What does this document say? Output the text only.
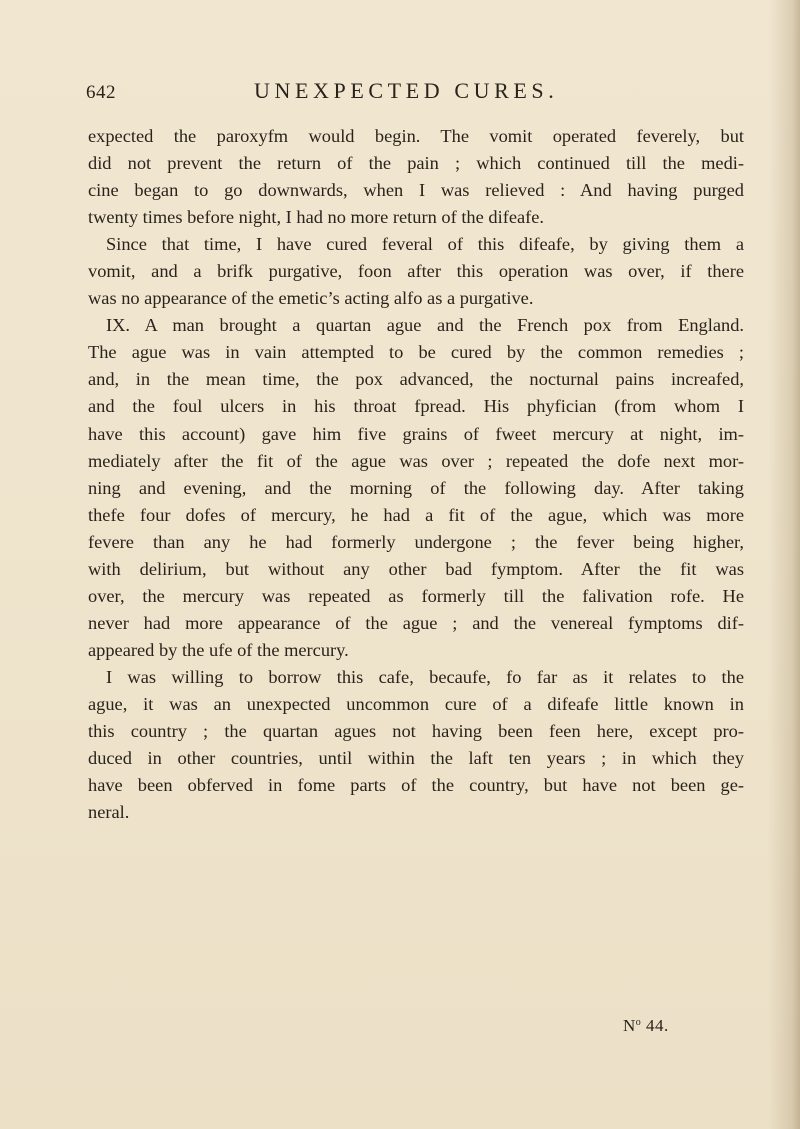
642	UNEXPECTED CURES.

expected the paroxyfm would begin. The vomit operated feverely, but
did not prevent the return of the pain ; which continued till the medi-
cine began to go downwards, when I was relieved : And having purged
twenty times before night, I had no more return of the difeafe.

Since that time, I have cured feveral of this difeafe, by giving them a
vomit, and a brifk purgative, foon after this operation was over, if there
was no appearance of the emetic’s acting alfo as a purgative.

IX. A man brought a quartan ague and the French pox from England.
The ague was in vain attempted to be cured by the common remedies ;
and, in the mean time, the pox advanced, the nocturnal pains increafed,
and the foul ulcers in his throat fpread. His phyfician (from whom I
have this account) gave him five grains of fweet mercury at night, im-
mediately after the fit of the ague was over ; repeated the dofe next mor-
ning and evening, and the morning of the following day. After taking
thefe four dofes of mercury, he had a fit of the ague, which was more
fevere than any he had formerly undergone ; the fever being higher,
with delirium, but without any other bad fymptom. After the fit was
over, the mercury was repeated as formerly till the falivation rofe. He
never had more appearance of the ague ; and the venereal fymptoms dif-
appeared by the ufe of the mercury.

I was willing to borrow this cafe, becaufe, fo far as it relates to the
ague, it was an unexpected uncommon cure of a difeafe little known in
this country ; the quartan agues not having been feen here, except pro-
duced in other countries, until within the laft ten years ; in which they
have been obferved in fome parts of the country, but have not been ge-
neral.

$N^o$ 44.
